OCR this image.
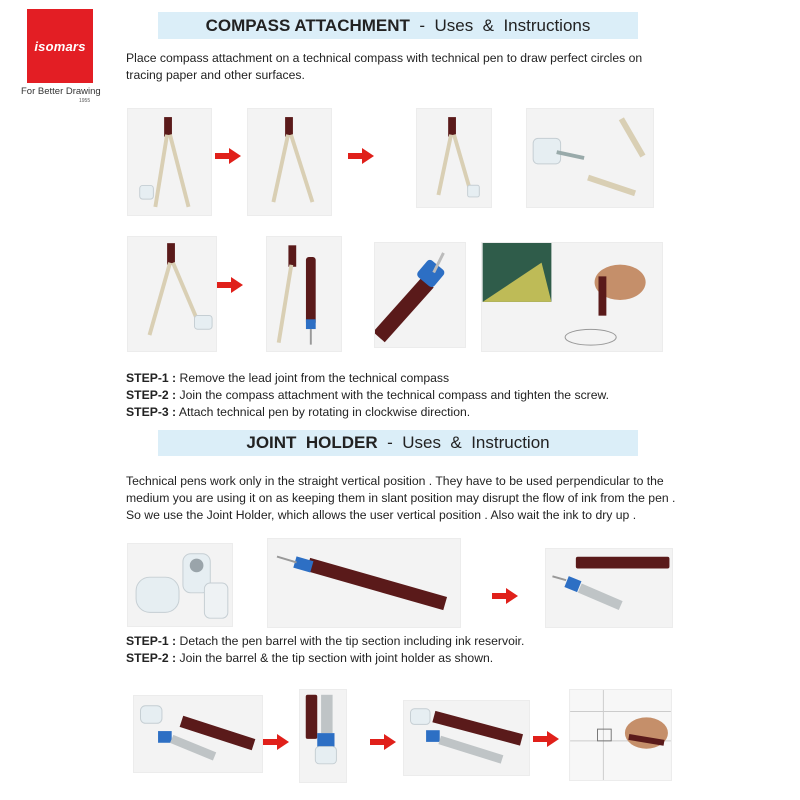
isomars
For Better Drawing
1955
COMPASS ATTACHMENT -  Uses  &  Instructions
Place compass attachment on a technical compass with technical pen to draw perfect circles on tracing paper and other surfaces.
STEP-1 : Remove the lead joint from the technical compass
STEP-2 : Join the compass attachment with the technical compass and tighten the screw.
STEP-3 : Attach technical pen by rotating in clockwise direction.
JOINT  HOLDER -  Uses  &  Instruction
Technical pens work only in the straight vertical position . They have to be used perpendicular to the medium you are using it on as keeping them in slant position may disrupt the flow of ink from the pen . So we use the Joint Holder, which allows the user vertical position . Also wait the ink to dry up .
STEP-1 : Detach the pen barrel with the tip section including ink reservoir.
STEP-2 : Join the barrel & the tip section with joint holder as shown.
